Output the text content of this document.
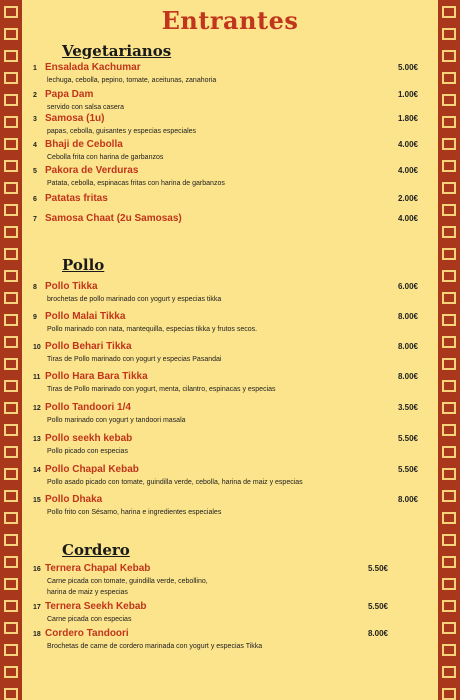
Entrantes
Vegetarianos
Pollo
Cordero
1 Ensalada Kachumar	5.00€
lechuga, cebolla, pepino, tomate, aceitunas, zanahoria
2 Papa Dam	1.00€
servido con salsa casera
3 Samosa (1u)	1.80€
papas, cebolla, guisantes y especias especiales
4 Bhaji de Cebolla	4.00€
Cebolla frita con harina de garbanzos
5 Pakora de Verduras	4.00€
Patata, cebolla, espinacas fritas con harina de garbanzos
6 Patatas fritas	2.00€
7 Samosa Chaat (2u Samosas)	4.00€
8 Pollo Tikka	6.00€
brochetas de pollo marinado con yogurt y especias tikka
9 Pollo Malai Tikka	8.00€
Pollo marinado con nata, mantequilla, especias tikka y frutos secos.
10 Pollo Behari Tikka	8.00€
Tiras de Pollo marinado con yogurt y especias Pasandai
11 Pollo Hara Bara Tikka	8.00€
Tiras de Pollo marinado con yogurt, menta, cilantro, espinacas y especias
12 Pollo Tandoori 1/4	3.50€
Pollo marinado con yogurt y tandoori masala
13 Pollo seekh kebab	5.50€
Pollo picado con especias
14 Pollo Chapal Kebab	5.50€
Pollo asado picado con tomate, guindilla verde, cebolla, harina de maiz y especias
15 Pollo Dhaka	8.00€
Pollo frito con Sésamo, harina e ingredientes especiales
16 Ternera Chapal Kebab	5.50€
Carne picada con tomate, guindilla verde, cebollino,
harina de maiz y especias
17 Ternera Seekh Kebab	5.50€
Carne picada con especias
18 Cordero Tandoori	8.00€
Brochetas de carne de cordero marinada con yogurt y especias Tikka
